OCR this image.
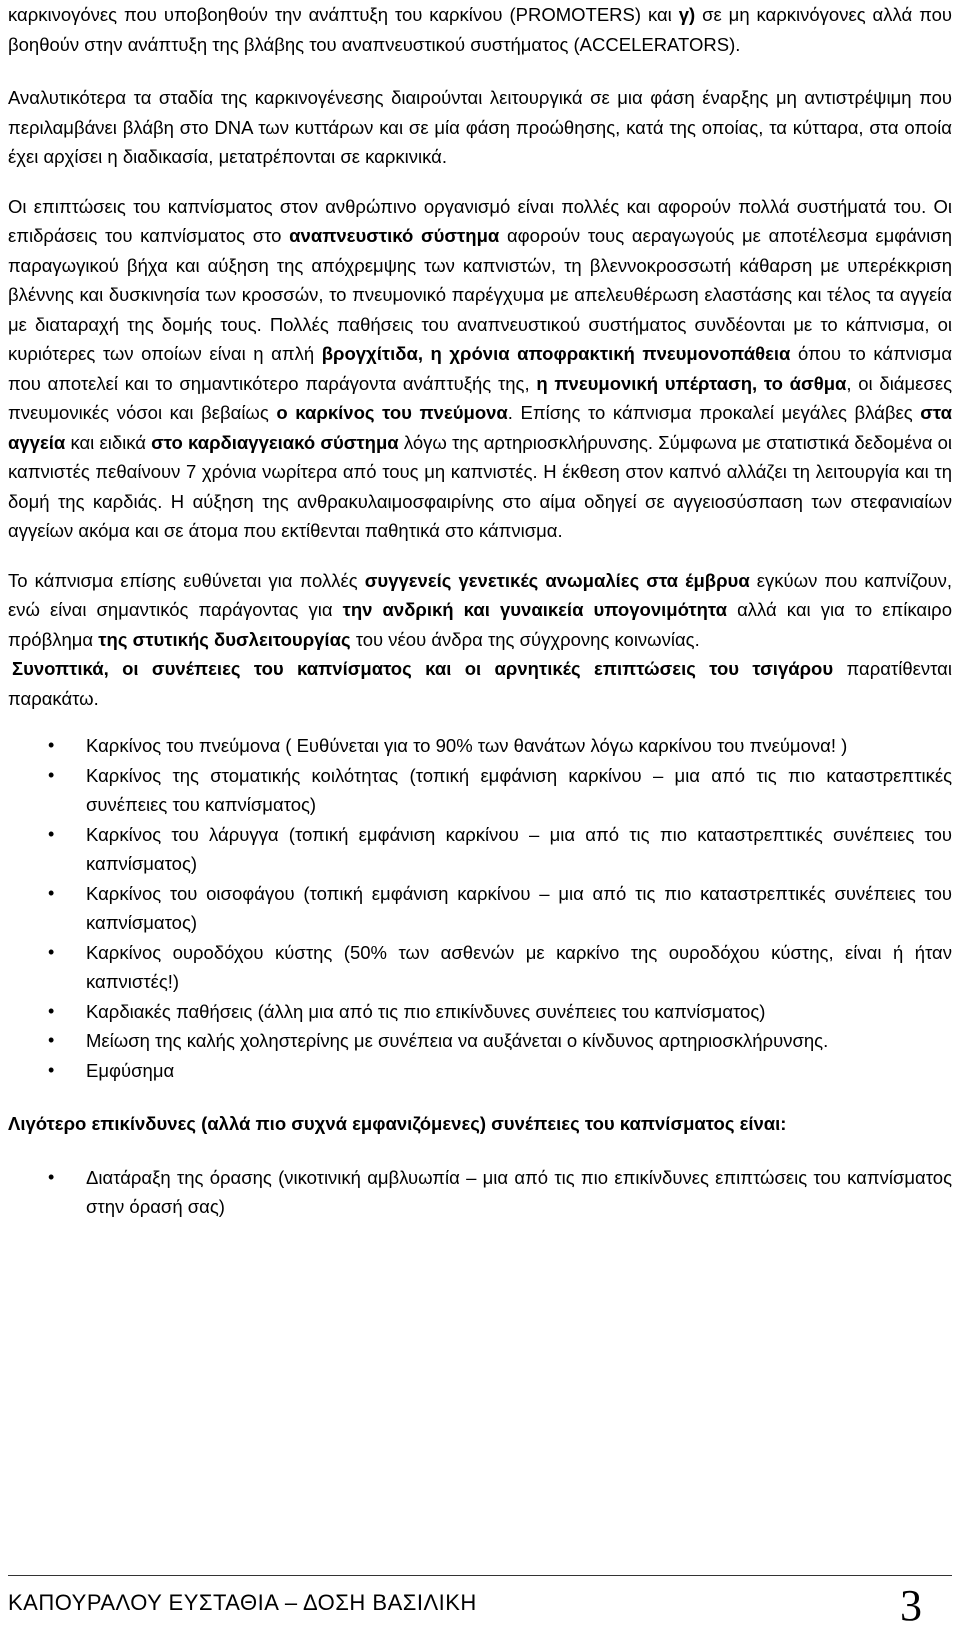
καρκινογόνες που υποβοηθούν την ανάπτυξη του καρκίνου (PROMOTERS) και γ) σε μη καρκινόγονες αλλά που βοηθούν στην ανάπτυξη της βλάβης του αναπνευστικού συστήματος (ACCELERATORS).

Αναλυτικότερα τα σταδία της καρκινογένεσης διαιρούνται λειτουργικά σε μια φάση έναρξης μη αντιστρέψιμη που περιλαμβάνει βλάβη στο DNA των κυττάρων και σε μία φάση προώθησης, κατά της οποίας, τα κύτταρα, στα οποία έχει αρχίσει η διαδικασία, μετατρέπονται σε καρκινικά.

Οι επιπτώσεις του καπνίσματος στον ανθρώπινο οργανισμό είναι πολλές και αφορούν πολλά συστήματά του. Οι επιδράσεις του καπνίσματος στο αναπνευστικό σύστημα αφορούν τους αεραγωγούς με αποτέλεσμα εμφάνιση παραγωγικού βήχα και αύξηση της απόχρεμψης των καπνιστών, τη βλεννοκροσσωτή κάθαρση με υπερέκκριση βλέννης και δυσκινησία των κροσσών, το πνευμονικό παρέγχυμα με απελευθέρωση ελαστάσης και τέλος τα αγγεία με διαταραχή της δομής τους. Πολλές παθήσεις του αναπνευστικού συστήματος συνδέονται με το κάπνισμα, οι κυριότερες των οποίων είναι η απλή βρογχίτιδα, η χρόνια αποφρακτική πνευμονοπάθεια όπου το κάπνισμα που αποτελεί και το σημαντικότερο παράγοντα ανάπτυξής της, η πνευμονική υπέρταση, το άσθμα, οι διάμεσες πνευμονικές νόσοι και βεβαίως ο καρκίνος του πνεύμονα. Επίσης το κάπνισμα προκαλεί μεγάλες βλάβες στα αγγεία και ειδικά στο καρδιαγγειακό σύστημα λόγω της αρτηριοσκλήρυνσης. Σύμφωνα με στατιστικά δεδομένα οι καπνιστές πεθαίνουν 7 χρόνια νωρίτερα από τους μη καπνιστές. Η έκθεση στον καπνό αλλάζει τη λειτουργία και τη δομή της καρδιάς. Η αύξηση της ανθρακυλαιμοσφαιρίνης στο αίμα οδηγεί σε αγγειοσύσπαση των στεφανιαίων αγγείων ακόμα και σε άτομα που εκτίθενται παθητικά στο κάπνισμα.

Το κάπνισμα επίσης ευθύνεται για πολλές συγγενείς γενετικές ανωμαλίες στα έμβρυα εγκύων που καπνίζουν, ενώ είναι σημαντικός παράγοντας για την ανδρική και γυναικεία υπογονιμότητα αλλά και για το επίκαιρο πρόβλημα της στυτικής δυσλειτουργίας του νέου άνδρα της σύγχρονης κοινωνίας.

Συνοπτικά, οι συνέπειες του καπνίσματος και οι αρνητικές επιπτώσεις του τσιγάρου παρατίθενται παρακάτω.

• Καρκίνος του πνεύμονα ( Ευθύνεται για το 90% των θανάτων λόγω καρκίνου του πνεύμονα! )
• Καρκίνος της στοματικής κοιλότητας (τοπική εμφάνιση καρκίνου – μια από τις πιο καταστρεπτικές συνέπειες του καπνίσματος)
• Καρκίνος του λάρυγγα (τοπική εμφάνιση καρκίνου – μια από τις πιο καταστρεπτικές συνέπειες του καπνίσματος)
• Καρκίνος του οισοφάγου (τοπική εμφάνιση καρκίνου – μια από τις πιο καταστρεπτικές συνέπειες του καπνίσματος)
• Καρκίνος ουροδόχου κύστης (50% των ασθενών με καρκίνο της ουροδόχου κύστης, είναι ή ήταν καπνιστές!)
• Καρδιακές παθήσεις (άλλη μια από τις πιο επικίνδυνες συνέπειες του καπνίσματος)
• Μείωση της καλής χοληστερίνης με συνέπεια να αυξάνεται ο κίνδυνος αρτηριοσκλήρυνσης.
• Εμφύσημα

Λιγότερο επικίνδυνες (αλλά πιο συχνά εμφανιζόμενες) συνέπειες του καπνίσματος είναι:

• Διατάραξη της όρασης (νικοτινική αμβλυωπία – μια από τις πιο επικίνδυνες επιπτώσεις του καπνίσματος στην όρασή σας)
ΚΑΠΟΥΡΑΛΟΥ ΕΥΣΤΑΘΙΑ – ΔΟΣΗ ΒΑΣΙΛΙΚΗ	3
